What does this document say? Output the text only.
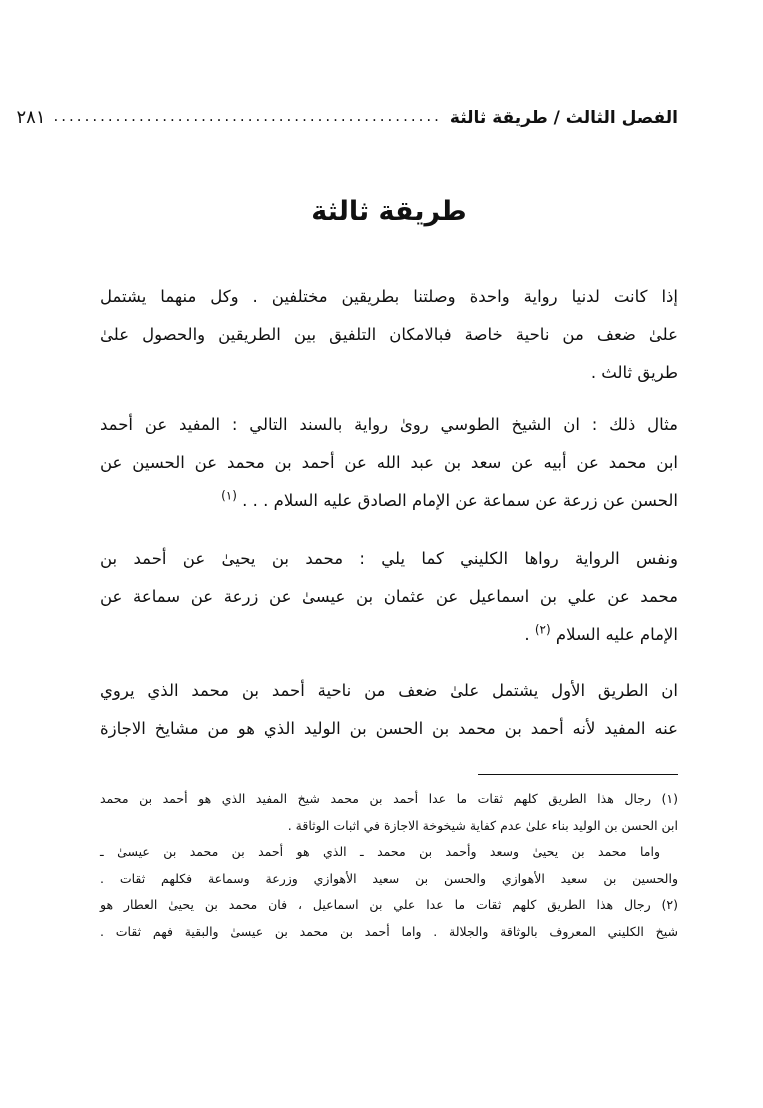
الفصل الثالث / طريقة ثالثة
..................................................
٢٨١
طريقة ثالثة
إذا كانت لدنيا رواية واحدة وصلتنا بطريقين مختلفين . وكل منهما يشتمل
علىٰ ضعف من ناحية خاصة فبالامكان التلفيق بين الطريقين والحصول علىٰ
طريق ثالث .
مثال ذلك : ان الشيخ الطوسي روىٰ رواية بالسند التالي : المفيد عن أحمد
ابن محمد عن أبيه عن سعد بن عبد الله عن أحمد بن محمد عن الحسين عن
الحسن عن زرعة عن سماعة عن الإمام الصادق عليه السلام . . . $^{(١)}$
ونفس الرواية رواها الكليني كما يلي : محمد بن يحيىٰ عن أحمد بن
محمد عن علي بن اسماعيل عن عثمان بن عيسىٰ عن زرعة عن سماعة عن
الإمام عليه السلام $^{(٢)}$ .
ان الطريق الأول يشتمل علىٰ ضعف من ناحية أحمد بن محمد الذي يروي
عنه المفيد لأنه أحمد بن محمد بن الحسن بن الوليد الذي هو من مشايخ الاجازة
(١) رجال هذا الطريق كلهم ثقات ما عدا أحمد بن محمد شيخ المفيد الذي هو أحمد بن محمد
ابن الحسن بن الوليد بناء علىٰ عدم كفاية شيخوخة الاجازة في اثبات الوثاقة .
واما محمد بن يحيىٰ وسعد وأحمد بن محمد ـ الذي هو أحمد بن محمد بن عيسىٰ ـ
والحسين بن سعيد الأهوازي والحسن بن سعيد الأهوازي وزرعة وسماعة فكلهم ثقات .
(٢) رجال هذا الطريق كلهم ثقات ما عدا علي بن اسماعيل ، فان محمد بن يحيىٰ العطار هو
شيخ الكليني المعروف بالوثاقة والجلالة . واما أحمد بن محمد بن عيسىٰ والبقية فهم ثقات .
